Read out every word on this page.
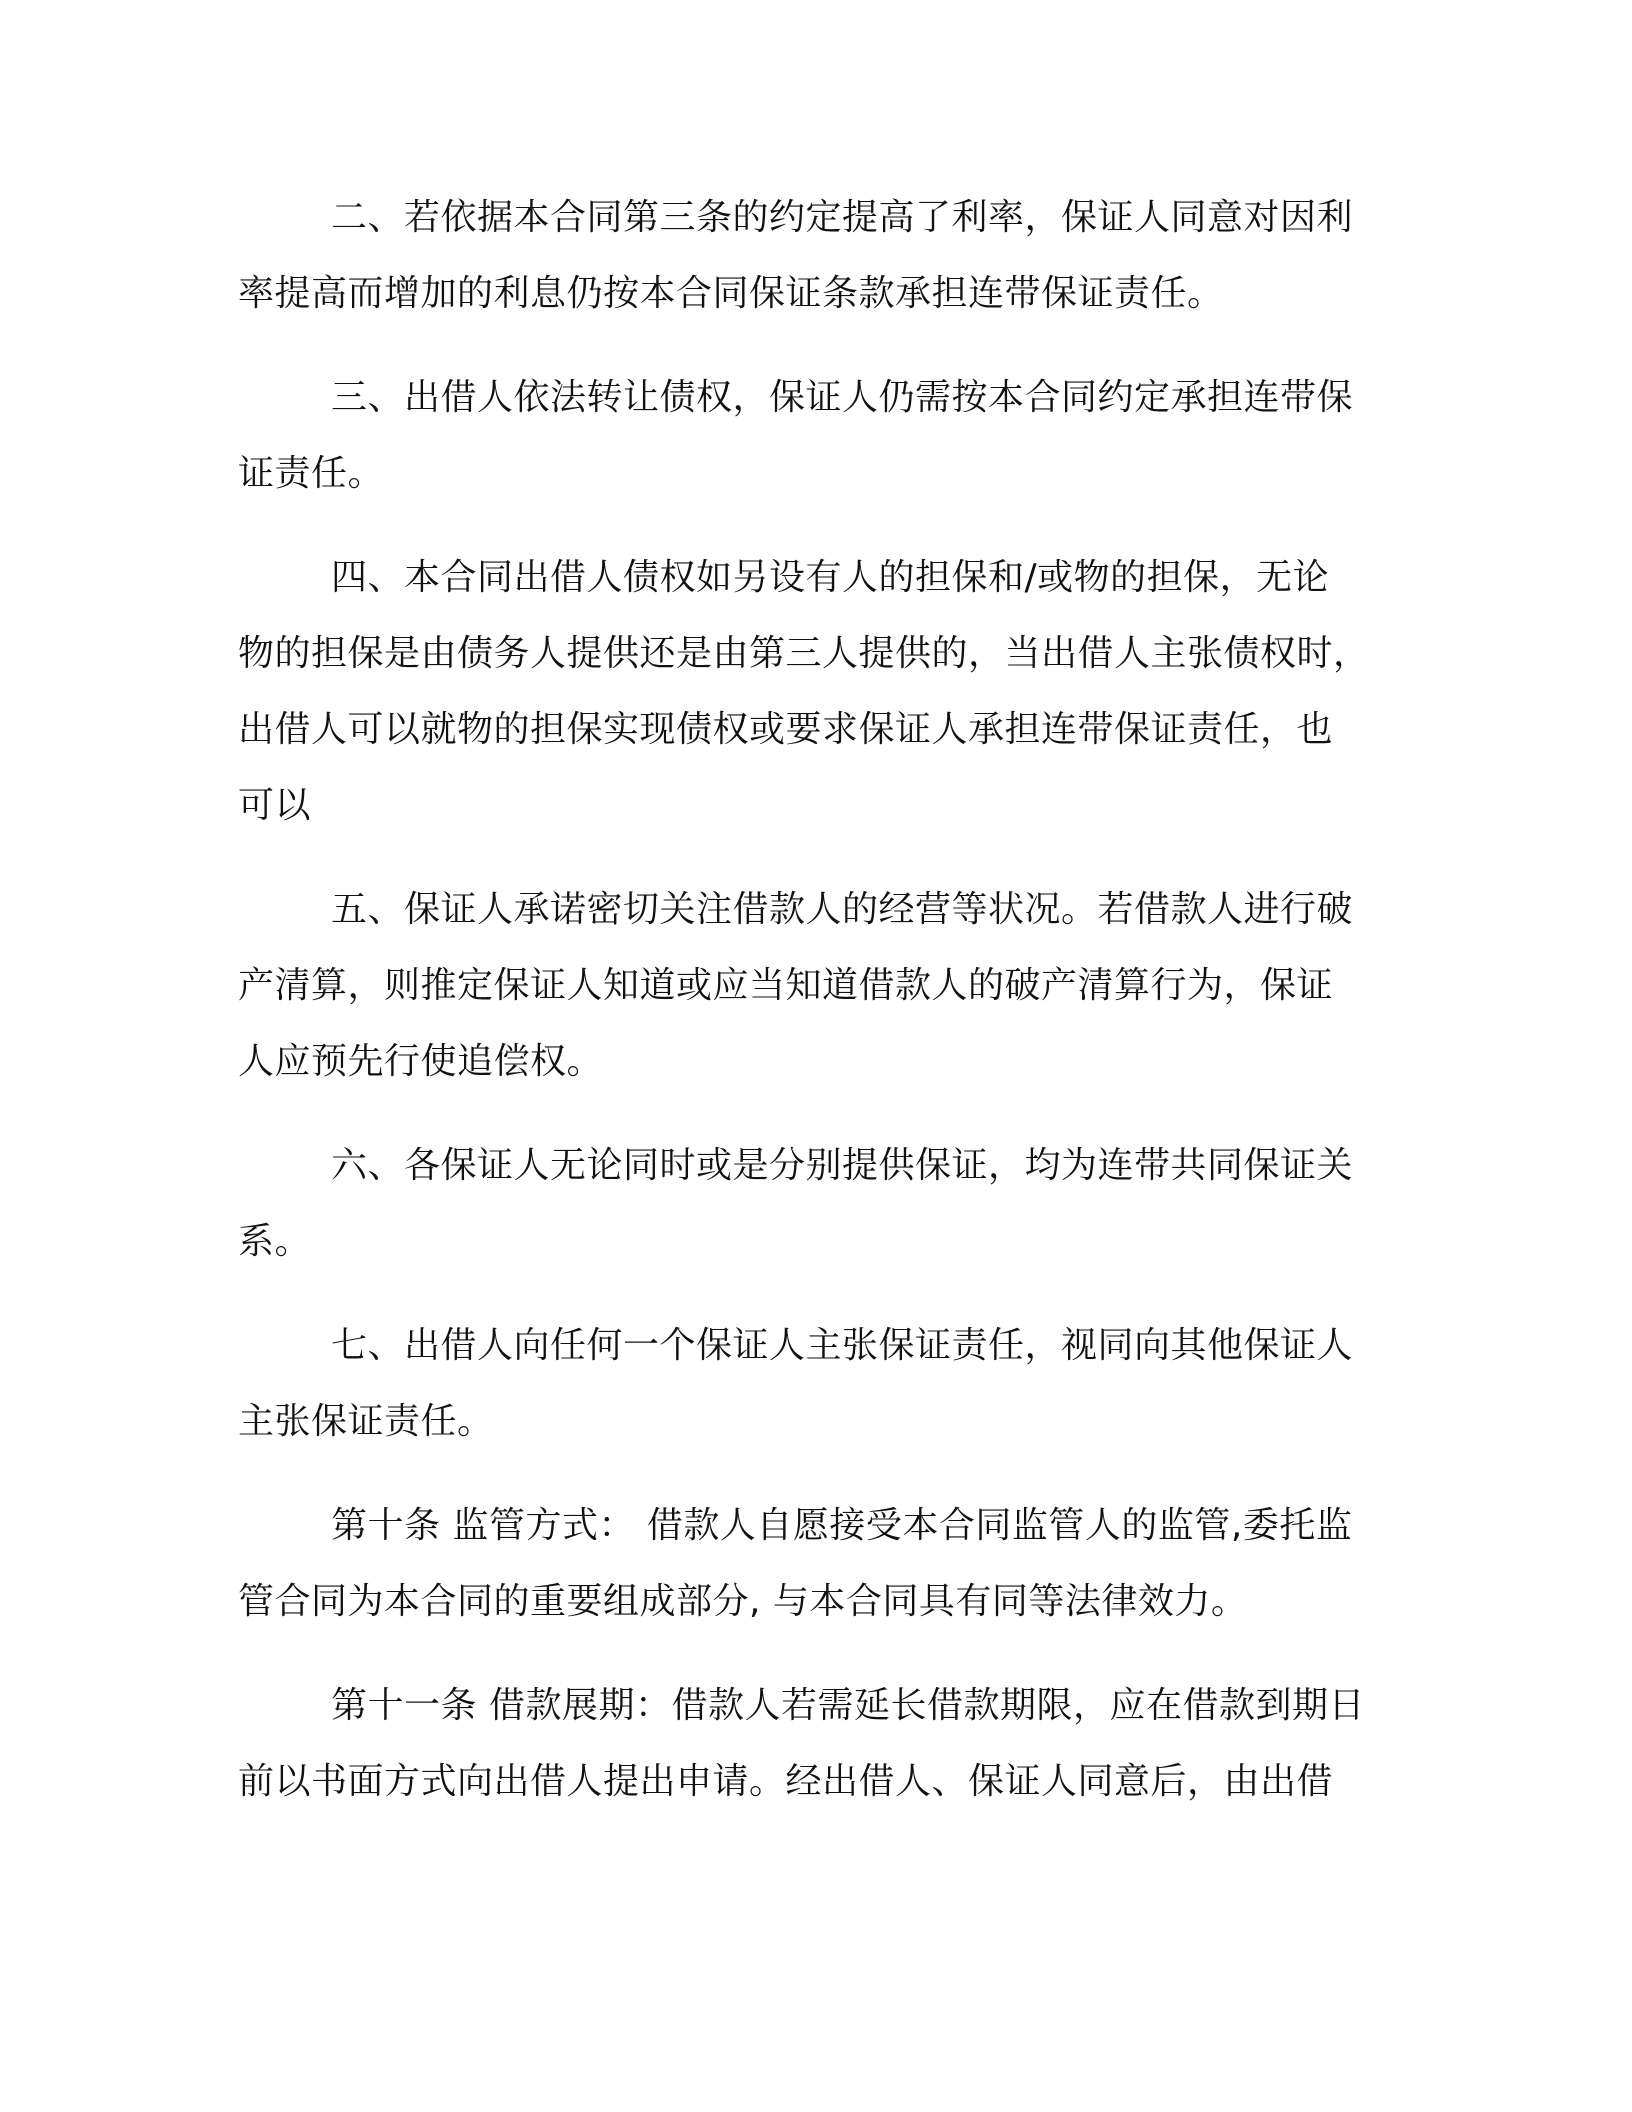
二、若依据本合同第三条的约定提高了利率，保证人同意对因利
率提高而增加的利息仍按本合同保证条款承担连带保证责任。
三、出借人依法转让债权，保证人仍需按本合同约定承担连带保
证责任。
四、本合同出借人债权如另设有人的担保和/或物的担保，无论
物的担保是由债务人提供还是由第三人提供的，当出借人主张债权时，
出借人可以就物的担保实现债权或要求保证人承担连带保证责任，也
可以
五、保证人承诺密切关注借款人的经营等状况。若借款人进行破
产清算，则推定保证人知道或应当知道借款人的破产清算行为，保证
人应预先行使追偿权。
六、各保证人无论同时或是分别提供保证，均为连带共同保证关
系。
七、出借人向任何一个保证人主张保证责任，视同向其他保证人
主张保证责任。
第十条 监管方式： 借款人自愿接受本合同监管人的监管,委托监
管合同为本合同的重要组成部分, 与本合同具有同等法律效力。
第十一条 借款展期：借款人若需延长借款期限，应在借款到期日
前以书面方式向出借人提出申请。经出借人、保证人同意后，由出借
